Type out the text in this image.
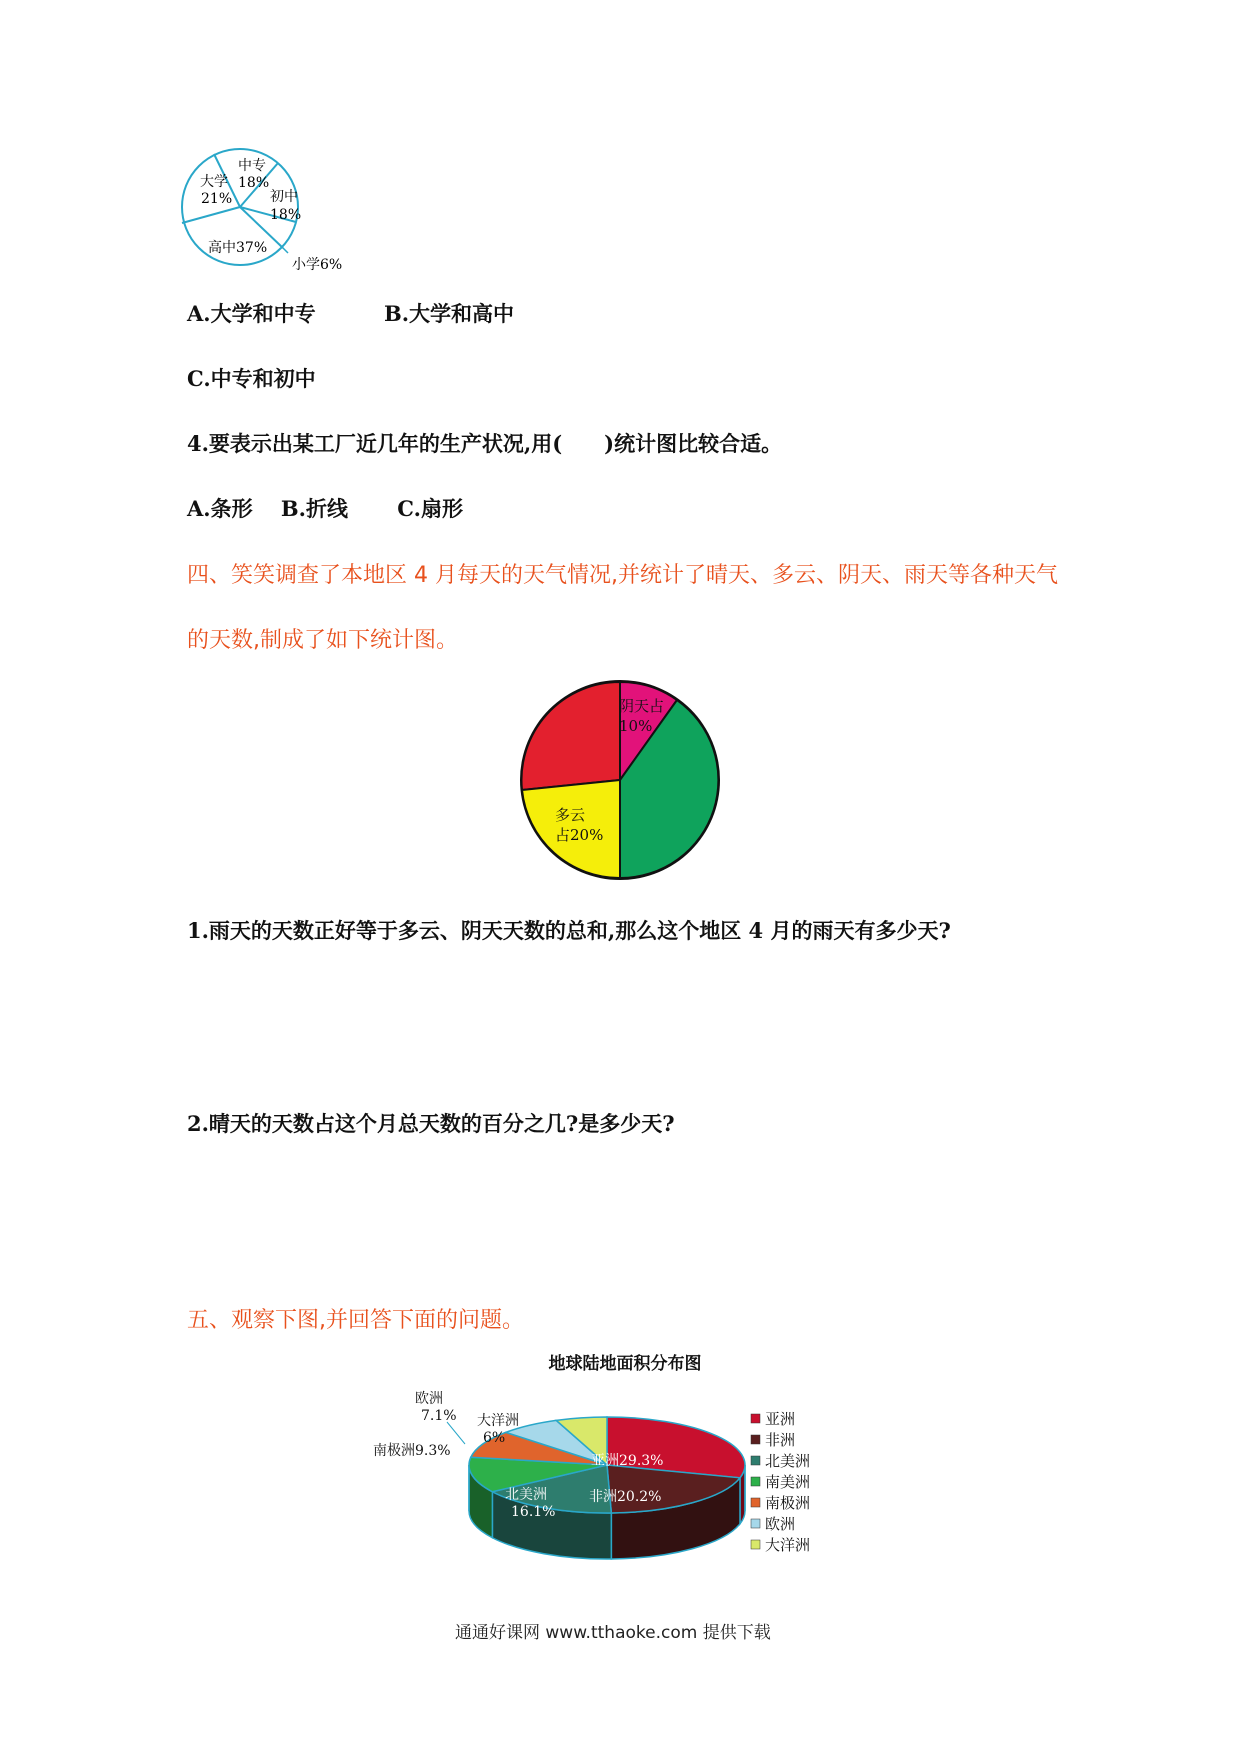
大学
21%
中专
18%
初中
18%
高中37%
小学6%
A.大学和中专	B.大学和高中
C.中专和初中
4.要表示出某工厂近几年的生产状况,用(　　)统计图比较合适。
A.条形　 B.折线　　 C.扇形
四、笑笑调查了本地区 4 月每天的天气情况,并统计了晴天、多云、阴天、雨天等各种天气
的天数,制成了如下统计图。
阴天占
10%
多云
占20%
1.雨天的天数正好等于多云、阴天天数的总和,那么这个地区 4 月的雨天有多少天?
2.晴天的天数占这个月总天数的百分之几?是多少天?
五、观察下图,并回答下面的问题。
地球陆地面积分布图
亚洲29.3%
非洲20.2%
北美洲
16.1%
南美洲12%
南极洲9.3%
欧洲
7.1% 大洋洲
6%
亚洲
非洲
北美洲
南美洲
南极洲
欧洲
大洋洲
通通好课网 www.tthaoke.com 提供下载
